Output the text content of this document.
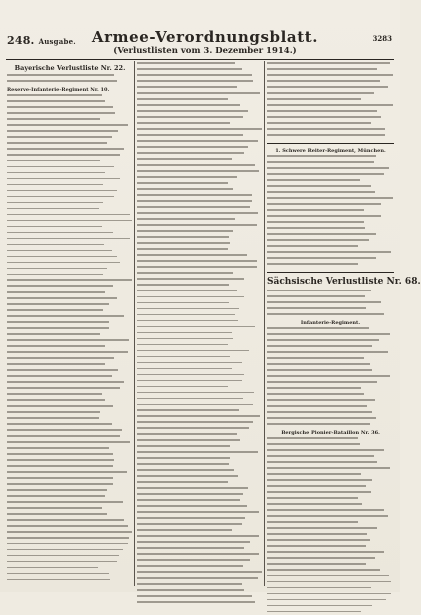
248. Ausgabe.	Armee-Verordnungsblatt.
(Verlustlisten vom 3. Dezember 1914.)
3283
Bayerische Verlustliste Nr. 22.
Reserve-Infanterie-Regiment Nr. 10.
1. Schwere Reiter-Regiment, München.
Sächsische Verlustliste Nr. 68.
Infanterie-Regiment.
Bergische Pionier-Bataillon Nr. 36.
